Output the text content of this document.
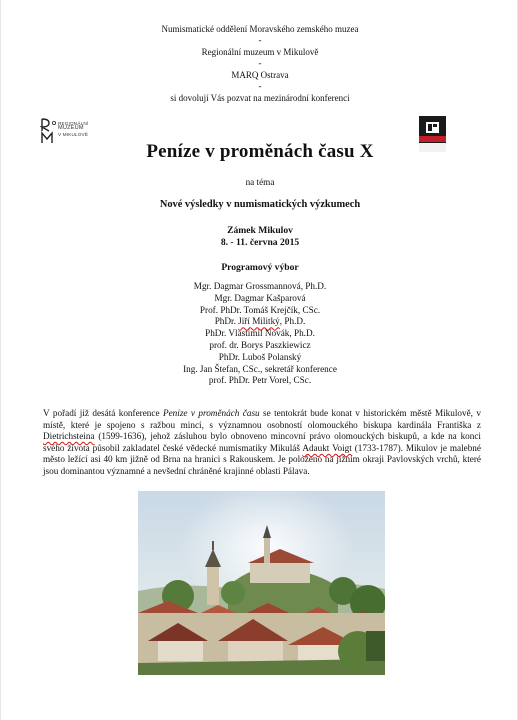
Numismatické oddělení Moravského zemského muzea
-
Regionální muzeum v Mikulově
-
MARQ Ostrava
-
si dovolují Vás pozvat na mezinárodní konferenci
REGIONÁLNÍ
MUZEUM
V MIKULOVĚ
Peníze v proměnách času X
na téma
Nové výsledky v numismatických výzkumech
Zámek Mikulov
8. - 11. června 2015
Programový výbor
Mgr. Dagmar Grossmannová, Ph.D.
Mgr. Dagmar Kašparová
Prof. PhDr. Tomáš Krejčík, CSc.
PhDr. Jiří Militký, Ph.D.
PhDr. Vlastimil Novák, Ph.D.
prof. dr. Borys Paszkiewicz
PhDr. Luboš Polanský
Ing. Jan Štefan, CSc., sekretář konference
prof. PhDr. Petr Vorel, CSc.
V pořadí již desátá konference Peníze v proměnách času se tentokrát bude konat v historickém městě Mikulově, v místě, které je spojeno s ražbou mincí, s významnou osobností olomouckého biskupa kardinála Františka z Dietrichsteina (1599-1636), jehož zásluhou bylo obnoveno mincovní právo olomouckých biskupů, a kde na konci svého života působil zakladatel české vědecké numismatiky Mikuláš Adaukt Voigt (1733-1787). Mikulov je malebné město ležící asi 40 km jižně od Brna na hranici s Rakouskem. Je položeno na jižním okraji Pavlovských vrchů, které jsou dominantou významné a nevšední chráněné krajinné oblasti Pálava.
